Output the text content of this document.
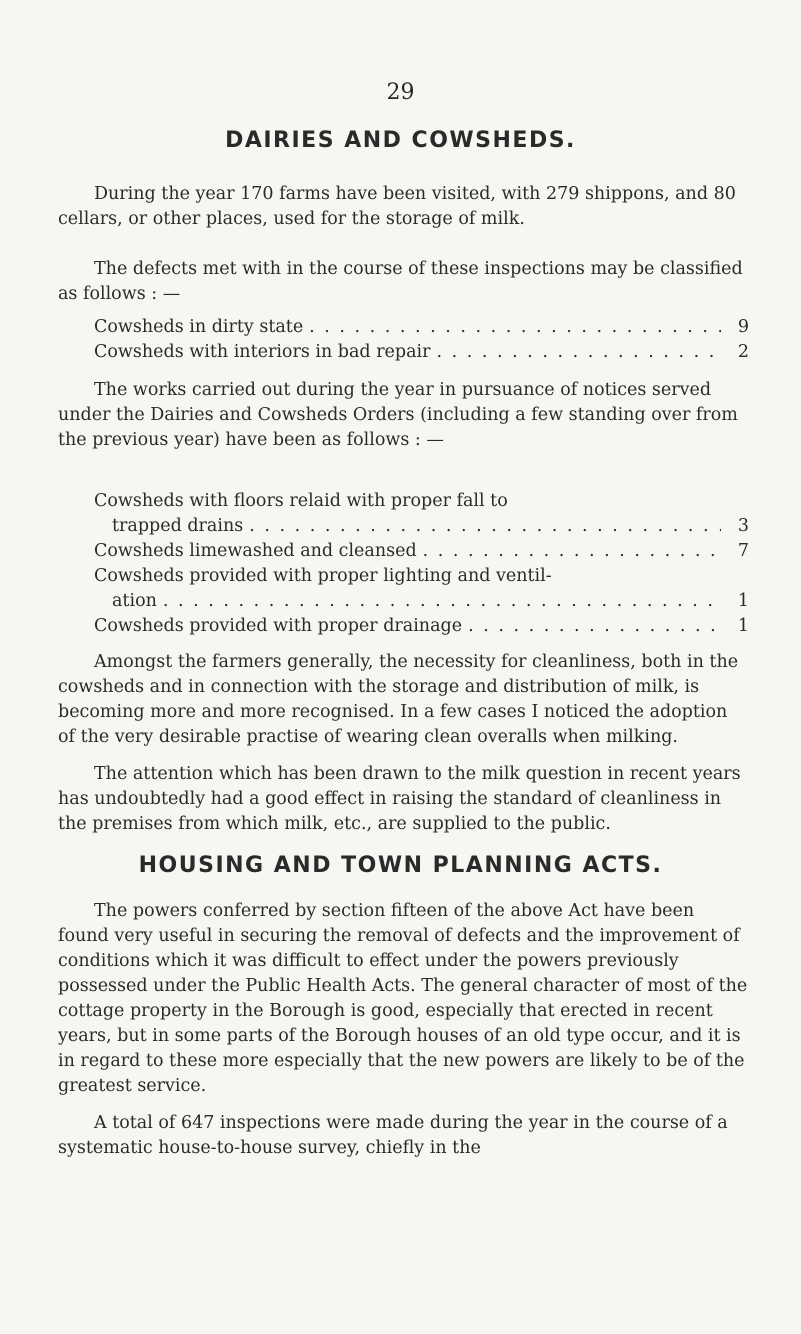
29
DAIRIES AND COWSHEDS.

During the year 170 farms have been visited, with 279 shippons, and 80 cellars, or other places, used for the storage of milk.

The defects met with in the course of these inspections may be classified as follows : —

Cowsheds in dirty state . . .	9
Cowsheds with interiors in bad repair . . .	2

The works carried out during the year in pursuance of notices served under the Dairies and Cowsheds Orders (including a few standing over from the previous year) have been as follows : —

Cowsheds with floors relaid with proper fall to
trapped drains . . .	3
Cowsheds limewashed and cleansed . . .	7
Cowsheds provided with proper lighting and ventil-
ation . . .	1
Cowsheds provided with proper drainage . . .	1

Amongst the farmers generally, the necessity for cleanliness, both in the cowsheds and in connection with the storage and distribution of milk, is becoming more and more recognised. In a few cases I noticed the adoption of the very desirable practise of wearing clean overalls when milking.

The attention which has been drawn to the milk question in recent years has undoubtedly had a good effect in raising the standard of cleanliness in the premises from which milk, etc., are supplied to the public.

HOUSING AND TOWN PLANNING ACTS.

The powers conferred by section fifteen of the above Act have been found very useful in securing the removal of defects and the improvement of conditions which it was difficult to effect under the powers previously possessed under the Public Health Acts. The general character of most of the cottage property in the Borough is good, especially that erected in recent years, but in some parts of the Borough houses of an old type occur, and it is in regard to these more especially that the new powers are likely to be of the greatest service.

A total of 647 inspections were made during the year in the course of a systematic house-to-house survey, chiefly in the
